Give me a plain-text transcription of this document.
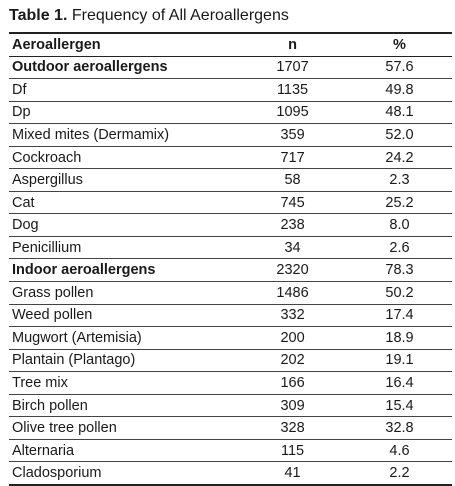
Table 1. Frequency of All Aeroallergens
Aeroallergen	n	%
Outdoor aeroallergens	1707	57.6
Df	1135	49.8
Dp	1095	48.1
Mixed mites (Dermamix)	359	52.0
Cockroach	717	24.2
Aspergillus	58	2.3
Cat	745	25.2
Dog	238	8.0
Penicillium	34	2.6
Indoor aeroallergens	2320	78.3
Grass pollen	1486	50.2
Weed pollen	332	17.4
Mugwort (Artemisia)	200	18.9
Plantain (Plantago)	202	19.1
Tree mix	166	16.4
Birch pollen	309	15.4
Olive tree pollen	328	32.8
Alternaria	115	4.6
Cladosporium	41	2.2
